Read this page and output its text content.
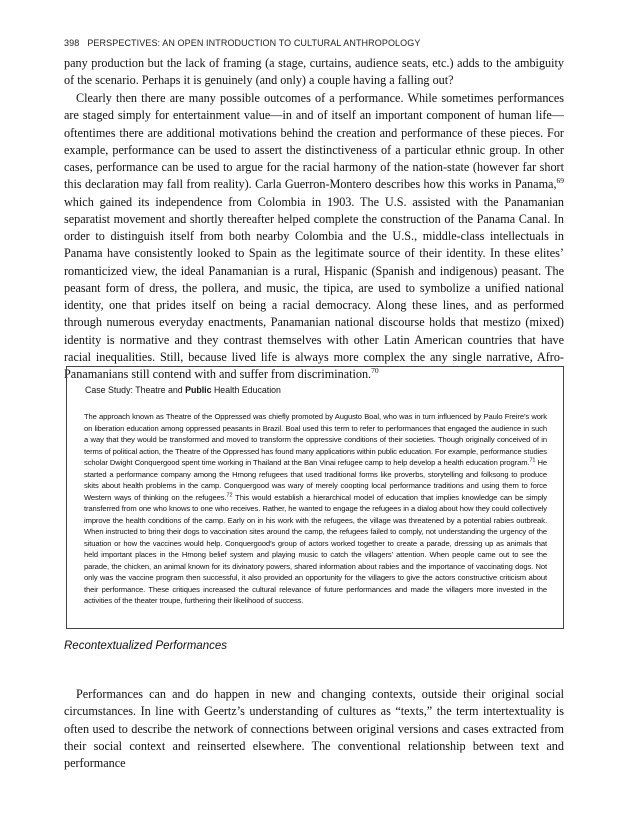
398 PERSPECTIVES: AN OPEN INTRODUCTION TO CULTURAL ANTHROPOLOGY

pany production but the lack of framing (a stage, curtains, audience seats, etc.) adds to the ambiguity of the scenario. Perhaps it is genuinely (and only) a couple having a falling out?

Clearly then there are many possible outcomes of a performance. While sometimes performances are staged simply for entertainment value—in and of itself an important component of human life—oftentimes there are additional motivations behind the creation and performance of these pieces. For example, performance can be used to assert the distinctiveness of a particular ethnic group. In other cases, performance can be used to argue for the racial harmony of the nation-state (however far short this declaration may fall from reality). Carla Guerron-Montero describes how this works in Panama,$^{69}$ which gained its independence from Colombia in 1903. The U.S. assisted with the Panamanian separatist movement and shortly thereafter helped complete the construction of the Panama Canal. In order to distinguish itself from both nearby Colombia and the U.S., middle-class intellectuals in Panama have consistently looked to Spain as the legitimate source of their identity. In these elites’ romanticized view, the ideal Panamanian is a rural, Hispanic (Spanish and indigenous) peasant. The peasant form of dress, the pollera, and music, the tipica, are used to symbolize a unified national identity, one that prides itself on being a racial democracy. Along these lines, and as performed through numerous everyday enactments, Panamanian national discourse holds that mestizo (mixed) identity is normative and they contrast themselves with other Latin American countries that have racial inequalities. Still, because lived life is always more complex the any single narrative, Afro-Panamanians still contend with and suffer from discrimination.$^{70}$

Case Study: Theatre and Public Health Education

The approach known as Theatre of the Oppressed was chiefly promoted by Augusto Boal, who was in turn influenced by Paulo Freire’s work on liberation education among oppressed peasants in Brazil. Boal used this term to refer to performances that engaged the audience in such a way that they would be transformed and moved to transform the oppressive conditions of their societies. Though originally conceived of in terms of political action, the Theatre of the Oppressed has found many applications within public education. For example, performance studies scholar Dwight Conquergood spent time working in Thailand at the Ban Vinai refugee camp to help develop a health education program.$^{71}$ He started a performance company among the Hmong refugees that used traditional forms like proverbs, storytelling and folksong to produce skits about health problems in the camp. Conquergood was wary of merely coopting local performance traditions and using them to force Western ways of thinking on the refugees.$^{72}$ This would establish a hierarchical model of education that implies knowledge can be simply transferred from one who knows to one who receives. Rather, he wanted to engage the refugees in a dialog about how they could collectively improve the health conditions of the camp. Early on in his work with the refugees, the village was threatened by a potential rabies outbreak. When instructed to bring their dogs to vaccination sites around the camp, the refugees failed to comply, not understanding the urgency of the situation or how the vaccines would help. Conquergood’s group of actors worked together to create a parade, dressing up as animals that held important places in the Hmong belief system and playing music to catch the villagers’ attention. When people came out to see the parade, the chicken, an animal known for its divinatory powers, shared information about rabies and the importance of vaccinating dogs. Not only was the vaccine program then successful, it also provided an opportunity for the villagers to give the actors constructive criticism about their performance. These critiques increased the cultural relevance of future performances and made the villagers more invested in the activities of the theater troupe, furthering their likelihood of success.

Recontextualized Performances

Performances can and do happen in new and changing contexts, outside their original social circumstances. In line with Geertz’s understanding of cultures as “texts,” the term intertextuality is often used to describe the network of connections between original versions and cases extracted from their social context and reinserted elsewhere. The conventional relationship between text and performance
